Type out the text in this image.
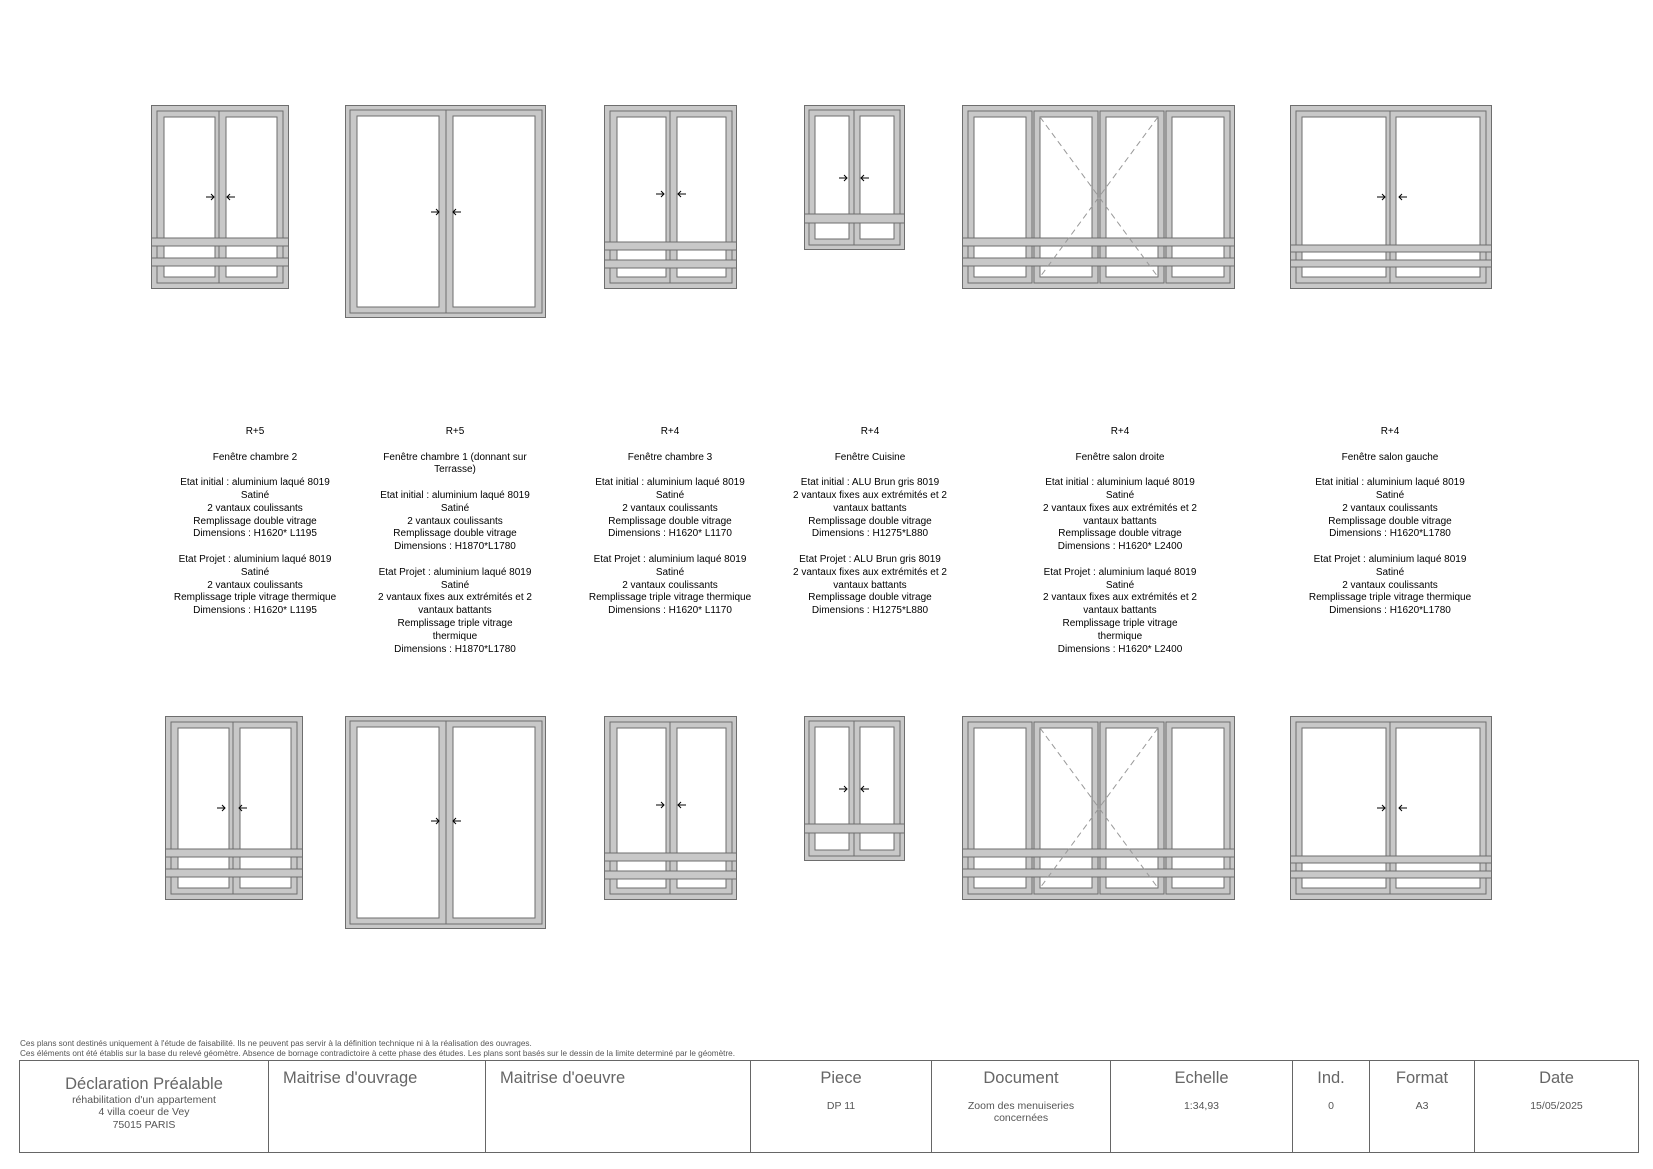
R+5
Fenêtre chambre 2
Etat initial : aluminium laqué 8019
Satiné
2 vantaux coulissants
Remplissage double vitrage
Dimensions : H1620* L1195
Etat Projet : aluminium laqué 8019
Satiné
2 vantaux coulissants
Remplissage triple vitrage thermique
Dimensions : H1620* L1195
R+5
Fenêtre chambre 1 (donnant sur Terrasse)
Etat initial : aluminium laqué 8019
Satiné
2 vantaux coulissants
Remplissage double vitrage
Dimensions : H1870*L1780
Etat Projet : aluminium laqué 8019
Satiné
2 vantaux fixes aux extrémités et 2 vantaux battants
Remplissage triple vitrage thermique
Dimensions : H1870*L1780
R+4
Fenêtre chambre 3
Etat initial : aluminium laqué 8019
Satiné
2 vantaux coulissants
Remplissage double vitrage
Dimensions : H1620* L1170
Etat Projet : aluminium laqué 8019
Satiné
2 vantaux coulissants
Remplissage triple vitrage thermique
Dimensions : H1620* L1170
R+4
Fenêtre Cuisine
Etat initial : ALU Brun gris 8019
2 vantaux fixes aux extrémités et 2 vantaux battants
Remplissage double vitrage
Dimensions : H1275*L880
Etat Projet : ALU Brun gris 8019
2 vantaux fixes aux extrémités et 2 vantaux battants
Remplissage double vitrage
Dimensions : H1275*L880
R+4
Fenêtre salon droite
Etat initial : aluminium laqué 8019
Satiné
2 vantaux fixes aux extrémités et 2 vantaux battants
Remplissage double vitrage
Dimensions : H1620* L2400
Etat Projet : aluminium laqué 8019
Satiné
2 vantaux fixes aux extrémités et 2 vantaux battants
Remplissage triple vitrage thermique
Dimensions : H1620* L2400
R+4
Fenêtre salon gauche
Etat initial : aluminium laqué 8019
Satiné
2 vantaux coulissants
Remplissage double vitrage
Dimensions : H1620*L1780
Etat Projet : aluminium laqué 8019
Satiné
2 vantaux coulissants
Remplissage triple vitrage thermique
Dimensions : H1620*L1780
Ces plans sont destinés uniquement à l'étude de faisabilité. Ils ne peuvent pas servir à la définition technique ni à la réalisation des ouvrages.
Ces éléments ont été établis sur la base du relevé géomètre. Absence de bornage contradictoire à cette phase des études. Les plans sont basés sur le dessin de la limite determiné par le géomètre.
Déclaration Préalable
réhabilitation d'un appartement
4 villa coeur de Vey
75015 PARIS
Maitrise d'ouvrage	Maitrise d'oeuvre	Piece
DP 11
Document
Zoom des menuiseries concernées
Echelle
1:34,93
Ind.
0
Format
A3
Date
15/05/2025
